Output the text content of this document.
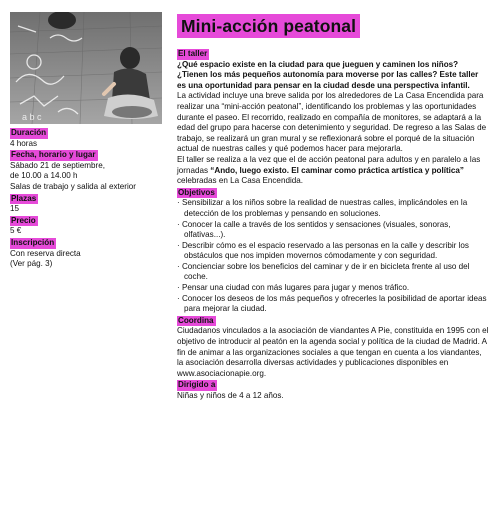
a b c
Duración
4 horas
Fecha, horario y lugar
Sábado 21 de septiembre,
de 10.00 a 14.00 h
Salas de trabajo y salida al exterior
Plazas
15
Precio
5 €
Inscripción
Con reserva directa
(Ver pág. 3)
Mini-acción peatonal
El taller

¿Qué espacio existe en la ciudad para que jueguen y caminen los niños? ¿Tienen los más pequeños autonomía para moverse por las calles? Este taller es una oportunidad para pensar en la ciudad desde una perspectiva infantil.

La actividad incluye una breve salida por los alrededores de La Casa Encendida para realizar una “mini-acción peatonal”, identificando los problemas y las oportunidades durante el paseo. El recorrido, realizado en compañía de monitores, se adaptará a la edad del grupo para hacerse con detenimiento y seguridad. De regreso a las Salas de trabajo, se realizará un gran mural y se reflexionará sobre el porqué de la situación actual de nuestras calles y qué podemos hacer para mejorarla.

El taller se realiza a la vez que el de acción peatonal para adultos y en paralelo a las jornadas “Ando, luego existo. El caminar como práctica artística y política” celebradas en La Casa Encendida.

Objetivos
· Sensibilizar a los niños sobre la realidad de nuestras calles, implicándoles en la detección de los problemas y pensando en soluciones.
· Conocer la calle a través de los sentidos y sensaciones (visuales, sonoras, olfativas...).
· Describir cómo es el espacio reservado a las personas en la calle y describir los obstáculos que nos impiden movernos cómodamente y con seguridad.
· Concienciar sobre los beneficios del caminar y de ir en bicicleta frente al uso del coche.
· Pensar una ciudad con más lugares para jugar y menos tráfico.
· Conocer los deseos de los más pequeños y ofrecerles la posibilidad de aportar ideas para mejorar la ciudad.
Coordina

Ciudadanos vinculados a la asociación de viandantes A Pie, constituida en 1995 con el objetivo de introducir al peatón en la agenda social y política de la ciudad de Madrid. A fin de animar a las organizaciones sociales a que tengan en cuenta a los viandantes, la asociación desarrolla diversas actividades y publicaciones disponibles en www.asociacionapie.org.

Dirigido a

Niñas y niños de 4 a 12 años.
